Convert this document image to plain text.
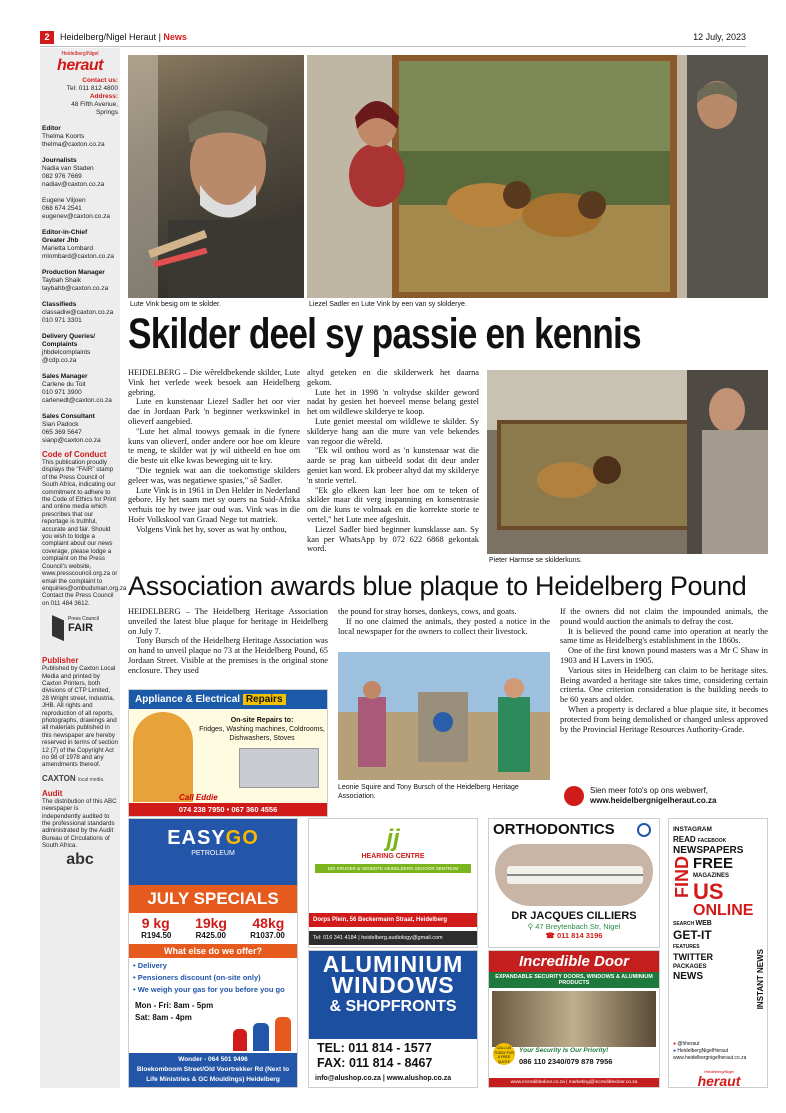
2	Heidelberg/Nigel Heraut | News	12 July, 2023
Heidelberg/Nigel
heraut
Contact us:
Tel: 011 812 4800
Address:
48 Fifth Avenue,
Springs
Editor
Thelma Koorts
thelma@caxton.co.za
Journalists
Nadia van Staden
082 976 7669
nadiav@caxton.co.za
Eugene Viljoen
068 674 2541
eugenev@caxton.co.za
Editor-in-Chief
Greater Jhb
Marietta Lombard
mlombard@caxton.co.za
Production Manager
Taybah Shaik
taybahb@caxton.co.za
Classifieds
classadiw@caxton.co.za
010 971 3301
Delivery Queries/
Complaints
jhbdelcomplaints
@cdp.co.za
Sales Manager
Carlene du Toit
010 971 3900
carlenedt@caxton.co.za
Sales Consultant
Sian Padock
065 369 5647
sianp@caxton.co.za
Code of Conduct
This publication proudly displays the "FAIR" stamp of the Press Council of South Africa, indicating our commitment to adhere to the Code of Ethics for Print and online media which prescribes that our reportage is truthful, accurate and fair. Should you wish to lodge a complaint about our news coverage, please lodge a complaint on the Press Council's website, www.presscouncil.org.za or email the complaint to enquiries@ombudsman.org.za Contact the Press Council on 011 484 3612.
Press Council
FAIR
Publisher
Published by Caxton Local Media and printed by Caxton Printers, both divisions of CTP Limited, 28 Wright street, Industria, JHB. All rights and reproduction of all reports, photographs, drawings and all materials published in this newspaper are hereby reserved in terms of section 12 (7) of the Copyright Act no 98 of 1978 and any amendments thereof.
CAXTON local media
Audit
The distribution of this ABC newspaper is independently audited to the professional standards administrated by the Audit Bureau of Circulations of South Africa.
abc
Lute Vink besig om te skilder.	Liezel Sadler en Lute Vink by een van sy skilderye.
Skilder deel sy passie en kennis

HEIDELBERG – Die wêreldbekende skilder, Lute Vink het verlede week besoek aan Heidelberg gebring.

Lute en kunstenaar Liezel Sadler het oor vier dae in Jordaan Park 'n beginner werkswinkel in olieverf aangebied.

"Lute het almal toowys gemaak in die fynere kuns van olieverf, onder andere oor hoe om kleure te meng, te skilder wat jy wil uitbeeld en hoe om die beste uit elke kwas beweging uit te kry.

"Die tegniek wat aan die toekomstige skilders geleer was, was negatiewe spasies," sê Sadler.

Lute Vink is in 1961 in Den Helder in Nederland gebore. Hy het saam met sy ouers na Suid-Afrika verhuis toe hy twee jaar oud was. Vink was in die Hoër Volkskool van Graad Nege tot matriek.

Volgens Vink het hy, sover as wat hy onthou,

altyd geteken en die skilderwerk het daarna gekom.

Lute het in 1998 'n voltydse skilder geword nadat hy gesien het hoeveel mense belang gestel het om wildlewe skilderye te koop.

Lute geniet meestal om wildlewe te skilder. Sy skilderye hang aan die mure van vele bekendes van regoor die wêreld.

"Ek wil onthou word as 'n kunstenaar wat die aarde se prag kan uitbeeld sodat dit deur ander geniet kan word. Ek probeer altyd dat my skilderye 'n storie vertel.

"Ek glo elkeen kan leer hoe om te teken of skilder maar dit verg inspanning en konsentrasie om die kuns te volmaak en die korrekte storie te vertel," het Lute mee afgesluit.

Liezel Sadler bied beginner kunsklasse aan. Sy kan per WhatsApp by 072 622 6868 gekontak word.

Pieter Harmse se skilderkuns.
Association awards blue plaque to Heidelberg Pound

HEIDELBERG – The Heidelberg Heritage Association unveiled the latest blue plaque for heritage in Heidelberg on July 7.

Tony Bursch of the Heidelberg Heritage Association was on hand to unveil plaque no 73 at the Heidelberg Pound, 65 Jordaan Street. Visible at the premises is the original stone enclosure. They used

the pound for stray horses, donkeys, cows, and goats.

If no one claimed the animals, they posted a notice in the local newspaper for the owners to collect their livestock.

If the owners did not claim the impounded animals, the pound would auction the animals to defray the cost.

It is believed the pound came into operation at nearly the same time as Heidelberg's establishment in the 1860s.

One of the first known pound masters was a Mr C Shaw in 1903 and H Lavers in 1905.

Various sites in Heidelberg can claim to be heritage sites. Being awarded a heritage site takes time, considering certain criteria. One criterion consideration is the building needs to be 60 years and older.

When a property is declared a blue plaque site, it becomes protected from being demolished or changed unless approved by the Provincial Heritage Resources Authority-Grade.

Leonie Squire and Tony Bursch of the Heidelberg Heritage Association.
Sien meer foto's op ons webwerf,
www.heidelbergnigelheraut.co.za
Appliance & Electrical Repairs
On-site Repairs to:
Fridges, Washing machines, Coldrooms, Dishwashers, Stoves
Call Eddie
074 238 7950 • 067 360 4556
EASYGO
PETROLEUM
JULY SPECIALS
9 kg 19kg 48kg
R194.50	R425.00	R1037.00
What else do we offer?
• Delivery
• Pensioners discount (on-site only)
• We weigh your gas for you before you go
Mon - Fri: 8am - 5pm
Sat: 8am - 4pm
Wonder - 064 501 9496
Bloekomboom Street/Old Voortrekker Rd (Next to
Life Ministries & GC Mouldings) Heidelberg
jj
HEARING CENTRE
DIE KRUGER & VENNOTE HEIDELBERG GEHOOR SENTRUM
Dorps Plein, 56 Beckermann Straat, Heidelberg
Tel: 016 341 4184 | heidelberg.audiology@gmail.com
ALUMINIUM
WINDOWS
& SHOPFRONTS
TEL: 011 814 - 1577
FAX: 011 814 - 8467
info@alushop.co.za | www.alushop.co.za
ORTHODONTICS
DR JACQUES CILLIERS
⚲ 47 Breytenbach Str, Nigel
☎ 011 814 3196
Incredible Door
EXPANDABLE SECURITY DOORS, WINDOWS & ALUMINIUM PRODUCTS
CALL US TODAY FOR A FREE QUOTE
Your Security Is Our Priority!
086 110 2340/079 878 7956
www.incredibledoor.co.za | marketing@incredibledoor.co.za
INSTAGRAM
READ FACEBOOK
NEWSPAPERS
FIND FREE
MAGAZINES
US
ONLINE
SEARCH WEB
GET-IT
FEATURES
TWITTER
PACKAGES
NEWS	INSTANT NEWS
● @hheraut
● HeidelbergNigelHeraut
www.heidelbergnigelheraut.co.za
Heidelberg/Nigel
heraut
